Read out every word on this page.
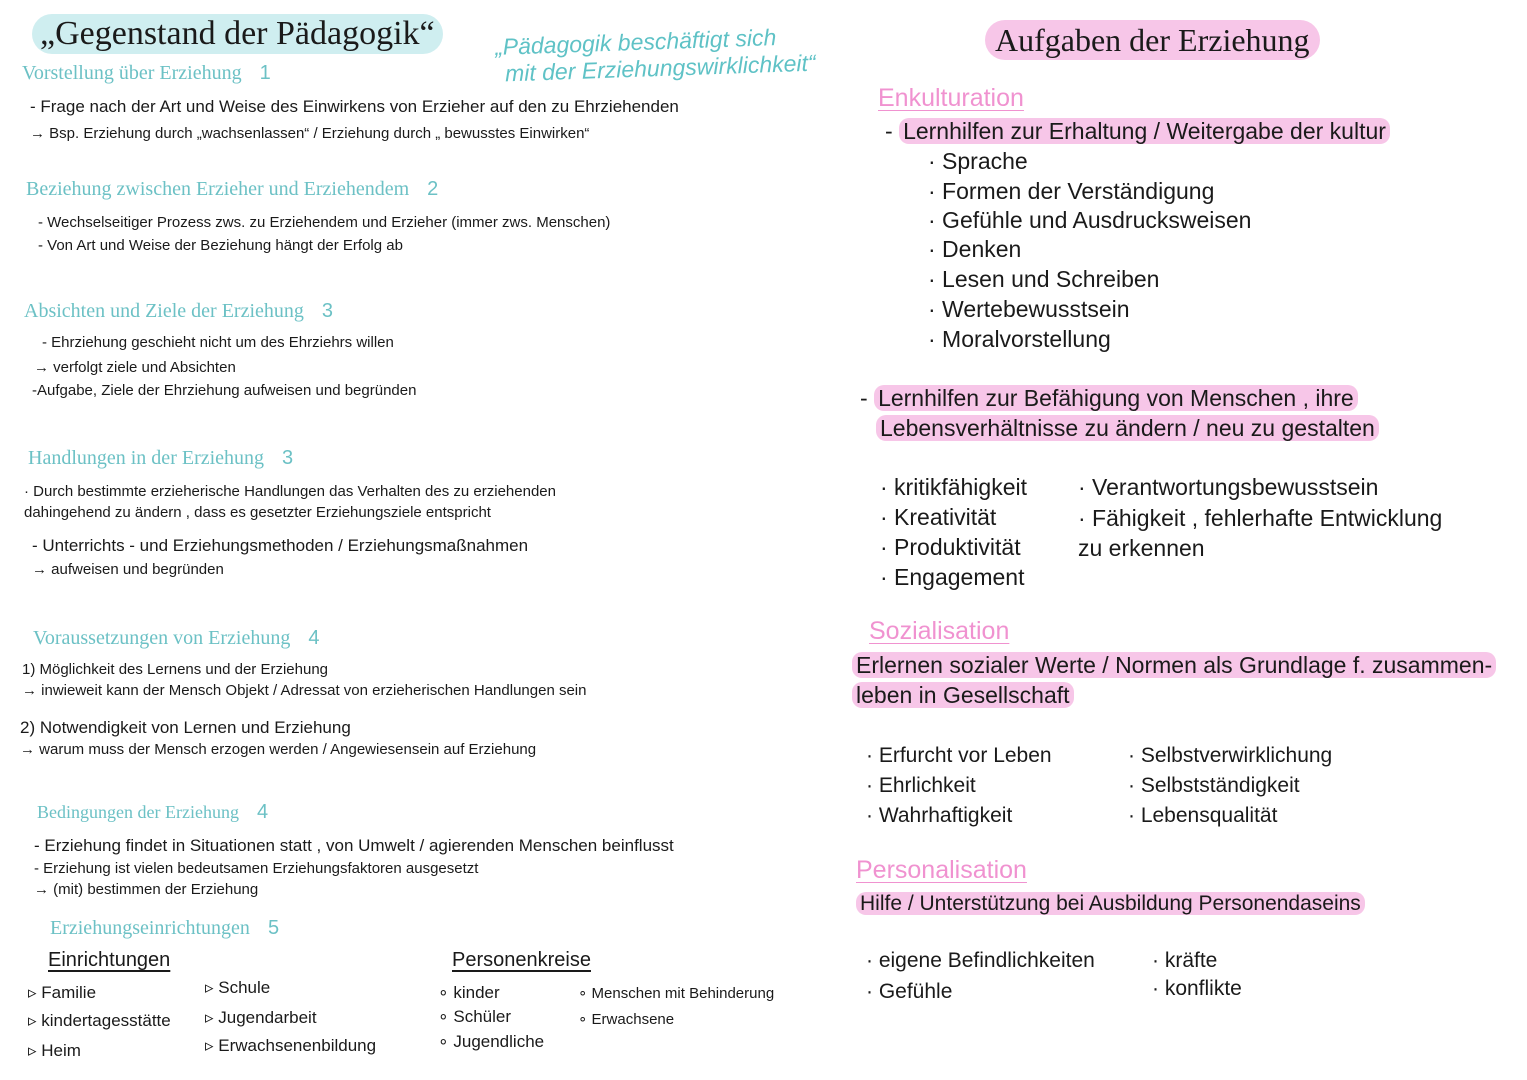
„Gegenstand der Pädagogik“	„Pädagogik beschäftigt sich
mit der Erziehungswirklichkeit“
Vorstellung über Erziehung 1
- Frage nach der Art und Weise des Einwirkens von Erzieher auf den zu Ehrziehenden
→ Bsp. Erziehung durch „wachsenlassen“ / Erziehung durch „ bewusstes Einwirken“
Beziehung zwischen Erzieher und Erziehendem 2
- Wechselseitiger Prozess zws. zu Erziehendem und Erzieher (immer zws. Menschen)
- Von Art und Weise der Beziehung hängt der Erfolg ab
Absichten und Ziele der Erziehung 3
- Ehrziehung geschieht nicht um des Ehrziehrs willen
→ verfolgt ziele und Absichten
-Aufgabe, Ziele der Ehrziehung aufweisen und begründen
Handlungen in der Erziehung 3
· Durch bestimmte erzieherische Handlungen das Verhalten des zu erziehenden
dahingehend zu ändern , dass es gesetzter Erziehungsziele entspricht
- Unterrichts - und Erziehungsmethoden / Erziehungsmaßnahmen
→ aufweisen und begründen
Voraussetzungen von Erziehung 4
1) Möglichkeit des Lernens und der Erziehung
→ inwieweit kann der Mensch Objekt / Adressat von erzieherischen Handlungen sein
2) Notwendigkeit von Lernen und Erziehung
→ warum muss der Mensch erzogen werden / Angewiesensein auf Erziehung
Bedingungen der Erziehung 4
- Erziehung findet in Situationen statt , von Umwelt / agierenden Menschen beinflusst
- Erziehung ist vielen bedeutsamen Erziehungsfaktoren ausgesetzt
→ (mit) bestimmen der Erziehung
Erziehungseinrichtungen 5
Einrichtungen
▹ Familie
▹ kindertagesstätte
▹ Heim
▹ Schule
▹ Jugendarbeit
▹ Erwachsenenbildung
Personenkreise
∘ kinder
∘ Schüler
∘ Jugendliche
∘ Menschen mit Behinderung
∘ Erwachsene
Aufgaben der Erziehung
Enkulturation
- Lernhilfen zur Erhaltung / Weitergabe der kultur
· Sprache
· Formen der Verständigung
· Gefühle und Ausdrucksweisen
· Denken
· Lesen und Schreiben
· Wertebewusstsein
· Moralvorstellung
- Lernhilfen zur Befähigung von Menschen , ihre
Lebensverhältnisse zu ändern / neu zu gestalten
· kritikfähigkeit
· Kreativität
· Produktivität
· Engagement
· Verantwortungsbewusstsein
· Fähigkeit , fehlerhafte Entwicklung
zu erkennen
Sozialisation
Erlernen sozialer Werte / Normen als Grundlage f. zusammen-
leben in Gesellschaft
· Erfurcht vor Leben
· Ehrlichkeit
· Wahrhaftigkeit
· Selbstverwirklichung
· Selbstständigkeit
· Lebensqualität
Personalisation
Hilfe / Unterstützung bei Ausbildung Personendaseins
· eigene Befindlichkeiten
· Gefühle
· kräfte
· konflikte
